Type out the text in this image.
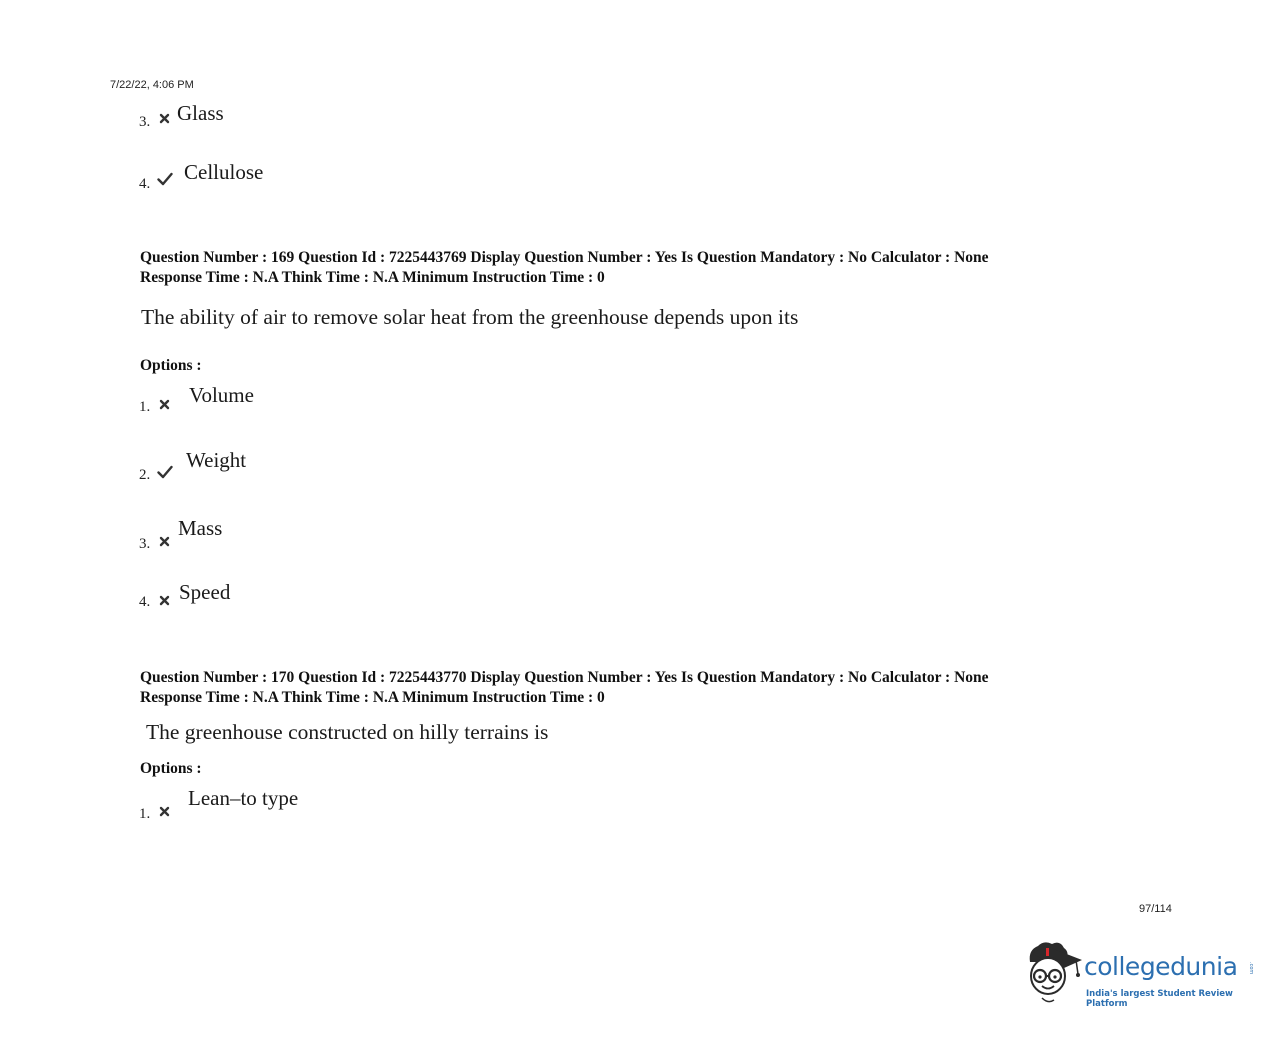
7/22/22, 4:06 PM
3. Glass
4. Cellulose
Question Number : 169 Question Id : 7225443769 Display Question Number : Yes Is Question Mandatory : No Calculator : None
Response Time : N.A Think Time : N.A Minimum Instruction Time : 0
The ability of air to remove solar heat from the greenhouse depends upon its
Options :
1. Volume
2.
Weight
3.
Mass
4. Speed
Question Number : 170 Question Id : 7225443770 Display Question Number : Yes Is Question Mandatory : No Calculator : None
Response Time : N.A Think Time : N.A Minimum Instruction Time : 0
The greenhouse constructed on hilly terrains is
Options :
1.
Lean–to type
97/114
collegedunia .com
India's largest Student Review Platform
